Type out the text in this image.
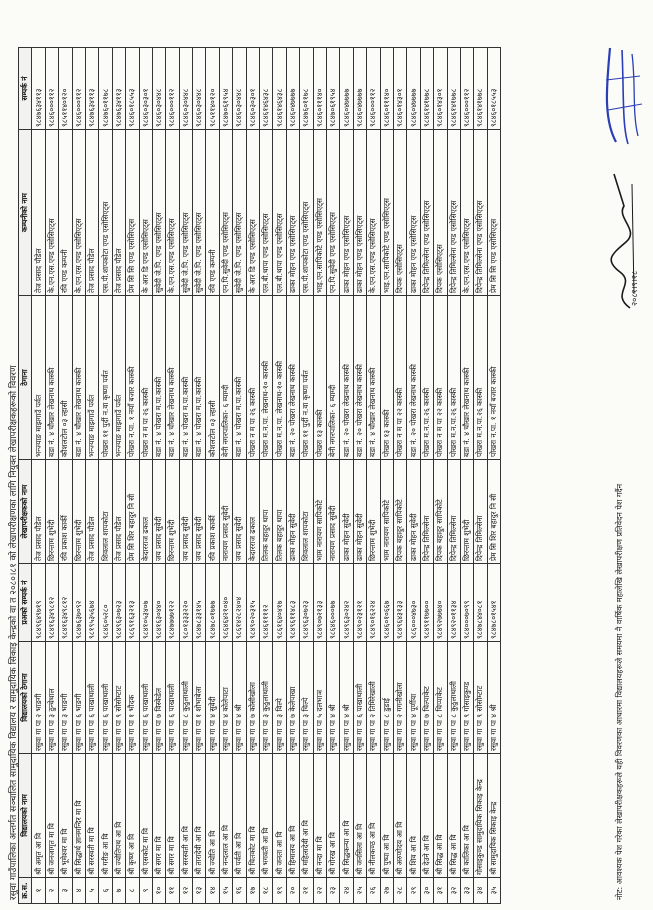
रसुवा गाउँपालिका अन्तर्गत सञ्चालित सामुदायिक विद्यालय र सामुदायिक सिकाइ केन्द्रको वा त २०८०।८१ को लेखापरीक्षणका लागि नियुक्त लेखापरीक्षकहरूको विवरण क्र.स.	विद्यालयको नाम	विद्यालयको ठेगाना	प्रअको सम्पर्क नं	लेखापरीक्षकको नाम	ठेगाना	कम्पनीको नाम	सम्पर्क नं
१	श्री अमृत आ वि	रसुवा गा पा २ भाङगी	९८४९६४९७१९	तेज प्रसाद पौडेल	भन्ज्याङ माझगाउँ पर्वत	तेज प्रसाद पौडेल	९८४७६३४११३
२	श्री जनजागृत मा वि	रसुवा गा पा ३ ठुन्चेथाल	९८४१६३४९८१२	छिरन्ताम शुभेदी	बडा नं. ४ चौखार लेखनाथ कास्की	के.एन.एस.एण्ड एसोसिएट्स	९८४६०००११२
३	श्री भूमेश्वर मा वि	रसुवा गा पा ३ भाङगी	९८४१६३४९८१२	रवि प्रकाश कार्की	कौशलटोल ०३ ल्हासी	रवि एण्ड कम्पनी	९८५११४०१२०
४	श्री सिद्धार्थ ज्ञानमन्दिर मा वि	रसुवा गा पा ६ भाङगी	९८४७६३७०९२	छिरन्ताम शुभेदी	बडा नं. ४ चौखार लेखनाथ कास्की	के.एन.एस.एण्ड एसोसिएट्स	९८४६०००११२
५	श्री सरस्वती मा वि	रसुवा गा पा ६ पाखाथाली	९८१९५३५६७४	तेज प्रसाद पौडेल	भन्ज्याङ माझगाउँ पर्वत	तेज प्रसाद पौडेल	९८४७६३४११३
६	श्री गरीङ आ वि	रसुवा गा पा ६ पाखाथाली	९८४६०५२८०	शिवलाल शापकोटा	पोखरा ११ पुर्दी न.वा कृष्णा पर्वत	एस.पी.शापकोटा एण्ड एसोसिएट्स	९८४७६०११७८
७	श्री ज्योतिपथ आ वि	रसुवा गा पा ९ सोसोम्टाट	९८४९६३०७२३	तेज प्रसाद पौडेल	भन्ज्याङ माझगाउँ पर्वत	तेज प्रसाद पौडेल	९८४७६३४११३
८	श्री कृष्ण आ वि	रसुवा गा पा १ भौदक	९८६९१६३२१३	प्रेम सि शिर बहादुर नि सी	पोखरा न.पा. १ नयाँ बजार कास्की	प्रेम सि सि एण्ड एसोसिएट्स	९८४६०१८५५३
९	श्री एसकोट मा वि	रसुवा गा पा ६ पाखाथाली	९८४१०५३४०७	केदारराज ढकाल	पोखरा न म पा २६ कास्की	के आर डि एण्ड एसोसिएट्स	९८४६०३०३०१
१०	श्री सगर मा वि	रसुवा गा पा ७ विस्केडेल	९८४१६३०४४०	जय प्रसाद सुवेदी	बडा नं. ४ पोखरा म.पा.कास्की	सुवेदी जे.पि. एण्ड एसोसिएट्स	९८४६०३०४४८
११	श्री सगर मा वि	रसुवा गा पा ६ पाखाथाली	९८४७७७७१२२	छिरन्ताम शुभेदी	बडा नं. ४ चौखार लेखनाथ कास्की	के.एन.एस.एण्ड एसोसिएट्स	९८४६०००११२
१२	श्री सरस्वती आ वि	रसुवा गा पा ८ कुठुलाथाली	९८०१३३३२२०	जय प्रसाद सुवेदी	बडा नं. ४ पोखरा म.पा.कास्की	सुवेदी जे.पि. एण्ड एसोसिएट्स	९८४६०३०४४८
१३	श्री तारादेवी आ वि	रसुवा गा पा १ शोभाबेला	९८४७८३३१४५	जय प्रसाद सुवेदी	बडा नं. ४ पोखरा म.पा.कास्की	सुवेदी जे.पि. एण्ड एसोसिएट्स	९८४६०३०४४८
१४	श्री ज्योति आ वि	रसुवा गा पा ४ सुवेदी	९८४७८०१७७७	रवि प्रकाश कार्की	कौशलटोल ०३ ल्हासी	रवि एण्ड कम्पनी	९८५११४०१२०
१५	श्री नन्दलाल आ वि	रसुवा गा पा ४ कोलेपाटा	९८६४६४२१०४०	नारायण प्रसाद सुवेदी	बेनी नगरपालिका- ६ म्याग्दी	एन.पि.सुवेदी एण्ड एसोसिएट्स	९८४७०६१९५४
१६	श्री पर्वती आ वि	रसुवा गा पा ४ श्री	९८६१४२८२४०४	जय प्रसाद सुवेदी	बडा नं. ४ पोखरा म.पा.कास्की	सुवेदी जे.पि. एण्ड एसोसिएट्स	९८४६०३०४४८
१७	श्री चितकोट मा वि	रसुवा गा पा ७ कोसीखोला	९८४९०२०३१५	केदारराज ढकाल	पोखरा न म पा २६ कास्की	के आर डि एण्ड एसोसिएट्स	९८४६०३०३०१
१८	श्री भगवती आ वि	रसुवा गा पा ३ कुठुलाथाली	९८४६११११२	तिलक बहादुर थापा	पोखरा म.न.पा. लेखनाथ-१० कास्की	एल.बी.थापा एण्ड एसोसिएट्स	९८४६१४६४३८
१९	श्री जनता आ वि	रसुवा गा पा ३ विल्पे	९८६१६४०४१७	तिलक बहादुर थापा	पोखरा म.न.पा. लेखनाथ-१० कास्की	एल.बी.थापा एण्ड एसोसिएट्स	९८४६१४६४३८
२०	श्री हिमालय आ वि	रसुवा गा पा ७ केलेपाखा	९८४९६११४८३	ढाका मोहन सुवेदी	बडा नं. २० पोखरा लेखनाथ कास्की	ढाका मोहन एण्ड एसोसिएट्स	९८४६०४७७७७
२१	श्री महिलादेवी आ वि	रसुवा गा पा ३ चिल्पे	९८४९६३०७२३	शिवलाल शापकोटा	पोखरा ११ पुर्दी न.वा कृष्णा पर्वत	एस.पी.शापकोटा एण्ड एसोसिएट्स	९८४७६०११७८
२२	श्री नन्दा मा वि	रसुवा गा पा ५ दलभाञ	९८४९०७२१३३	भाम नारायण सापिकोटे	पोखरा १३ कास्की	भाइ.एन.सापिकोटे एण्ड एसोसिएट्स	९८४६०१११४०
२३	श्री गोरख आ वि	रसुवा गा पा ४ श्री	९८६४६०००७७	नारायण प्रसाद सुवेदी	बेनी नगरपालिका- ६ म्याग्दी	एन.पि.सुवेदी एण्ड एसोसिएट्स	९८४७०६१९५४
२४	श्री सिद्धकन्या आ वि	रसुवा गा पा ४ श्री	९८४९६३०२४२	ढाका मोहन सुवेदी	बडा नं. २० पोखरा लेखनाथ कास्की	ढाका मोहन एण्ड एसोसिएट्स	९८४६०४७७७७
२५	श्री जनसिला आ वि	रसुवा गा पा ६ पाखाथाली	९८४९०२३१२१	ढाका मोहन सुवेदी	बडा नं. २० पोखरा लेखनाथ कास्की	ढाका मोहन एण्ड एसोसिएट्स	९८४६०४७७७७
२६	श्री नीलकण्ठ आ वि	रसुवा गा पा २ तिमिरेखाली	९८४९०१६२२४	छिरन्ताम शुभेदी	बडा नं. ४ चौखार लेखनाथ कास्की	के.एन.एस.एण्ड एसोसिएट्स	९८४६०००११२
२७	श्री पुष्पा आ वि	रसुवा गा पा ८ डुडाई	९८४६०१०६६७	भाम नारायण सापिकोटे	पोखरा १३ कास्की	भाइ.एन.सापिकोटे एण्ड एसोसिएट्स	९८४६०१११४०
२८	श्री अरुणोदय आ वि	रसुवा गा पा २ गगनीखोला	९८४९६४३१३३	दिपक बहादुर सापिकोटे	पोखरा न म पा २२ कास्की	दिपक एसोसिएट्स	९८४६०१४३०१
२९	श्री शिव आ वि	रसुवा गा पा ४ पूर्णीया	९८६०००४७३०	ढाका मोहन सुवेदी	बडा नं. २० पोखरा लेखनाथ कास्की	ढाका मोहन एण्ड एसोसिएट्स	९८४६०४७७७७
३०	श्री देउने आ वि	रसुवा गा पा ७ चिल्पाकेट	९८४९११७७००	दिपेन्द्र तिमिल्सेना	पोखरा म.न.पा.२६ कास्की	दिपेन्द्र तिमिल्सेना एण्ड एसोसिएट्स	९८४६१४१७७८
३१	श्री सिद्ध आ वि	रसुवा गा पा ८ चिप्पाकेट	९८४९२७७७४०	दिपक बहादुर सापिकोटे	पोखरा न म पा २२ कास्की	दिपक एसोसिएट्स	९८४६०१४३०१
३२	श्री सिद्ध आ वि	रसुवा गा पा ८ कुठुलाथाली	९८४९२०११३४	दिपेन्द्र तिमिल्सेना	पोखरा म.न.पा.२६ कास्की	दिपेन्द्र तिमिल्सेना एण्ड एसोसिएट्स	९८४६१४१७७८
३३	श्री कालिका आ वि	रसुवा गा पा ९ गोसाइकुण्ड	९८४०००७०९९	छिरन्ताम शुभेदी	बडा नं. ४ चौखार लेखनाथ कास्की	के.एन.एस.एण्ड एसोसिएट्स	९८४६०००११२
३४	गोसाइकुण्ड सामुदायिक सिकाइ केन्द्र	रसुवा गा पा ९ सोसोम्टाट	९८४७८४४०८१	दिपेन्द्र तिमिल्सेना	पोखरा म.न.पा.२६ कास्की	दिपेन्द्र तिमिल्सेना एण्ड एसोसिएट्स	९८४६१४१७७८
३५	श्री सामुदायिक सिकाइ केन्द्र	रसुवा गा पा ४ श्री	९८४७८०१५४१	प्रेम सि शिर बहादुर नि सी	पोखरा न.पा. १ नयाँ बजार कास्की	प्रेम सि सि एण्ड एसोसिएट्स	९८४६०१८५५३
नोट: आवश्यक पेश गरेका लेखापरीक्षकहरूले यही विवरणका आधारमा विद्यालयहरूले समयमा नै वार्षिक महालेखि लेखापरीक्षण प्रतिवेदन पेश गर्दैन
२०८१।९।२८
